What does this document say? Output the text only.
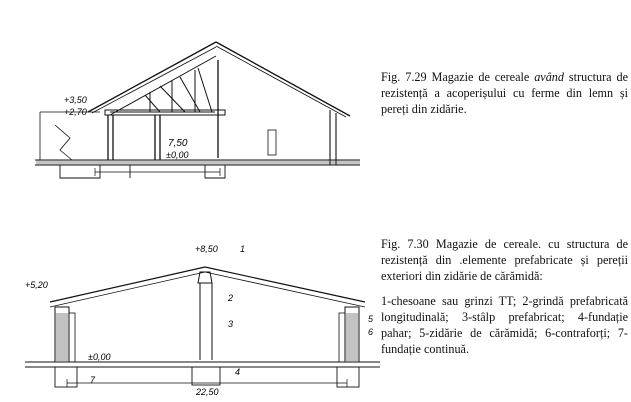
+3,50
+2,70
7,50
±0,00
Fig. 7.29 Magazie de cereale având structura de rezistență a acoperișului cu ferme din lemn și pereți din zidărie.
+8,50
+5,20
±0,00
22,50
1
2
3
4
5
6
7
Fig. 7.30 Magazie de cereale. cu structura de rezistență din .elemente prefabricate și pereții exteriori din zidărie de cărămidă:
1-chesoane sau grinzi TT; 2-grindă prefabricată longitudinală; 3-stâlp prefabricat; 4-fundație pahar; 5-zidărie de cărămidă; 6-contraforți; 7-fundație continuă.
